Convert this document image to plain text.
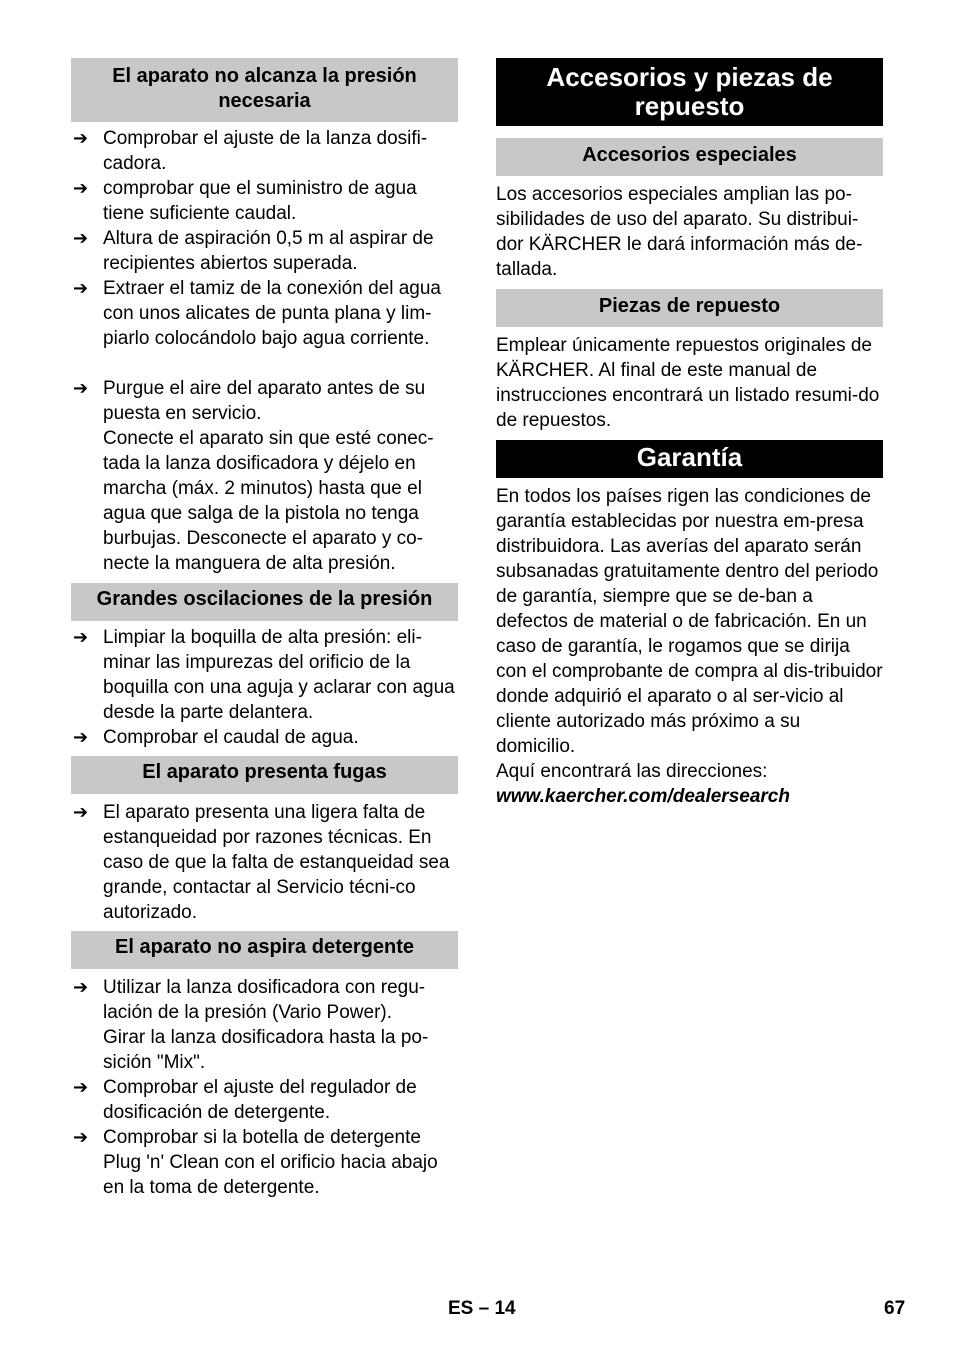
El aparato no alcanza la presión necesaria
➔ Comprobar el ajuste de la lanza dosifi-cadora.
➔ comprobar que el suministro de agua tiene suficiente caudal.
➔ Altura de aspiración 0,5 m al aspirar de recipientes abiertos superada.
➔ Extraer el tamiz de la conexión del agua con unos alicates de punta plana y lim-piarlo colocándolo bajo agua corriente.
➔ Purgue el aire del aparato antes de su puesta en servicio.
Conecte el aparato sin que esté conec-tada la lanza dosificadora y déjelo en marcha (máx. 2 minutos) hasta que el agua que salga de la pistola no tenga burbujas. Desconecte el aparato y co-necte la manguera de alta presión.
Grandes oscilaciones de la presión
➔ Limpiar la boquilla de alta presión: eli-minar las impurezas del orificio de la boquilla con una aguja y aclarar con agua desde la parte delantera.
➔ Comprobar el caudal de agua.
El aparato presenta fugas
➔ El aparato presenta una ligera falta de estanqueidad por razones técnicas. En caso de que la falta de estanqueidad sea grande, contactar al Servicio técni-co autorizado.
El aparato no aspira detergente
➔ Utilizar la lanza dosificadora con regu-lación de la presión (Vario Power).
Girar la lanza dosificadora hasta la po-sición "Mix".
➔ Comprobar el ajuste del regulador de dosificación de detergente.
➔ Comprobar si la botella de detergente Plug 'n' Clean con el orificio hacia abajo en la toma de detergente.
Accesorios y piezas de repuesto
Accesorios especiales

Los accesorios especiales amplian las po-sibilidades de uso del aparato. Su distribui-dor KÄRCHER le dará información más de-tallada.

Piezas de repuesto

Emplear únicamente repuestos originales de KÄRCHER. Al final de este manual de instrucciones encontrará un listado resumi-do de repuestos.

Garantía

En todos los países rigen las condiciones de garantía establecidas por nuestra em-presa distribuidora. Las averías del aparato serán subsanadas gratuitamente dentro del periodo de garantía, siempre que se de-ban a defectos de material o de fabricación. En un caso de garantía, le rogamos que se dirija con el comprobante de compra al dis-tribuidor donde adquirió el aparato o al ser-vicio al cliente autorizado más próximo a su domicilio.

Aquí encontrará las direcciones:

www.kaercher.com/dealersearch

ES – 14	67
